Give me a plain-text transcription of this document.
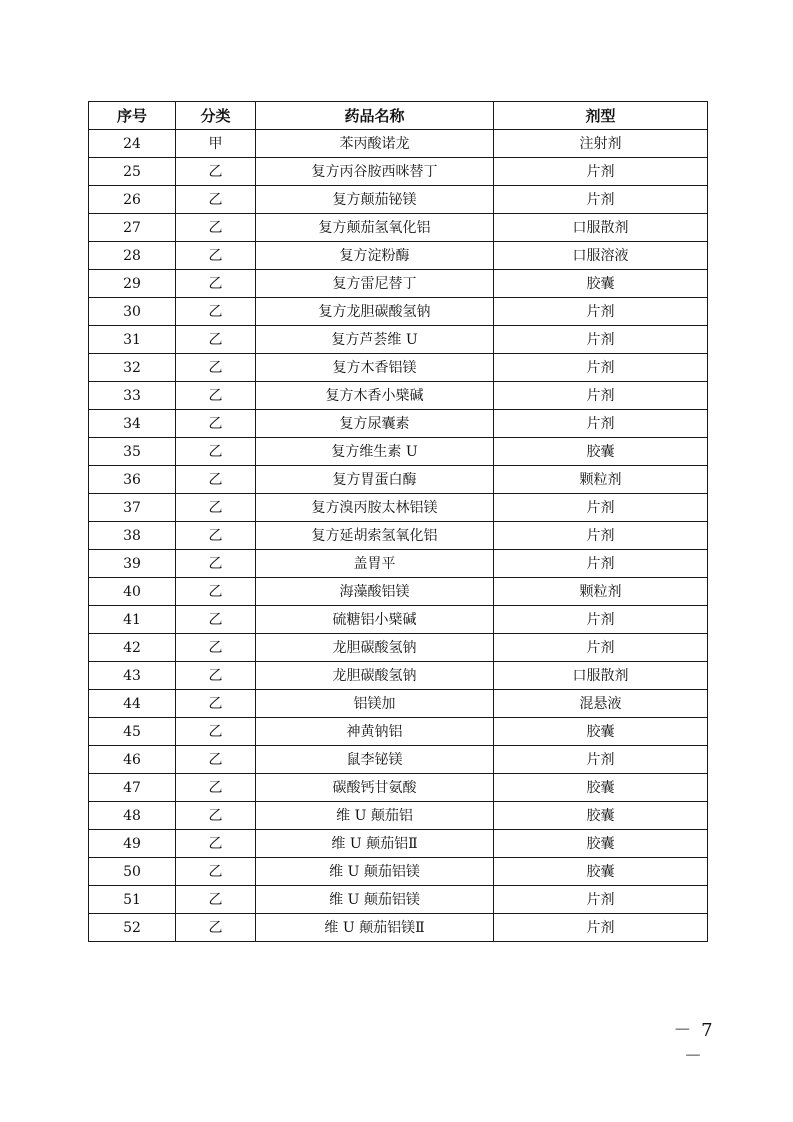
序号	分类	药品名称	剂型
24	甲	苯丙酸诺龙	注射剂
25	乙	复方丙谷胺西咪替丁	片剂
26	乙	复方颠茄铋镁	片剂
27	乙	复方颠茄氢氧化铝	口服散剂
28	乙	复方淀粉酶	口服溶液
29	乙	复方雷尼替丁	胶囊
30	乙	复方龙胆碳酸氢钠	片剂
31	乙	复方芦荟维 U	片剂
32	乙	复方木香铝镁	片剂
33	乙	复方木香小檗碱	片剂
34	乙	复方尿囊素	片剂
35	乙	复方维生素 U	胶囊
36	乙	复方胃蛋白酶	颗粒剂
37	乙	复方溴丙胺太林铝镁	片剂
38	乙	复方延胡索氢氧化铝	片剂
39	乙	盖胃平	片剂
40	乙	海藻酸铝镁	颗粒剂
41	乙	硫糖铝小檗碱	片剂
42	乙	龙胆碳酸氢钠	片剂
43	乙	龙胆碳酸氢钠	口服散剂
44	乙	铝镁加	混悬液
45	乙	神黄钠铝	胶囊
46	乙	鼠李铋镁	片剂
47	乙	碳酸钙甘氨酸	胶囊
48	乙	维 U 颠茄铝	胶囊
49	乙	维 U 颠茄铝Ⅱ	胶囊
50	乙	维 U 颠茄铝镁	胶囊
51	乙	维 U 颠茄铝镁	片剂
52	乙	维 U 颠茄铝镁Ⅱ	片剂
－ 7 －
